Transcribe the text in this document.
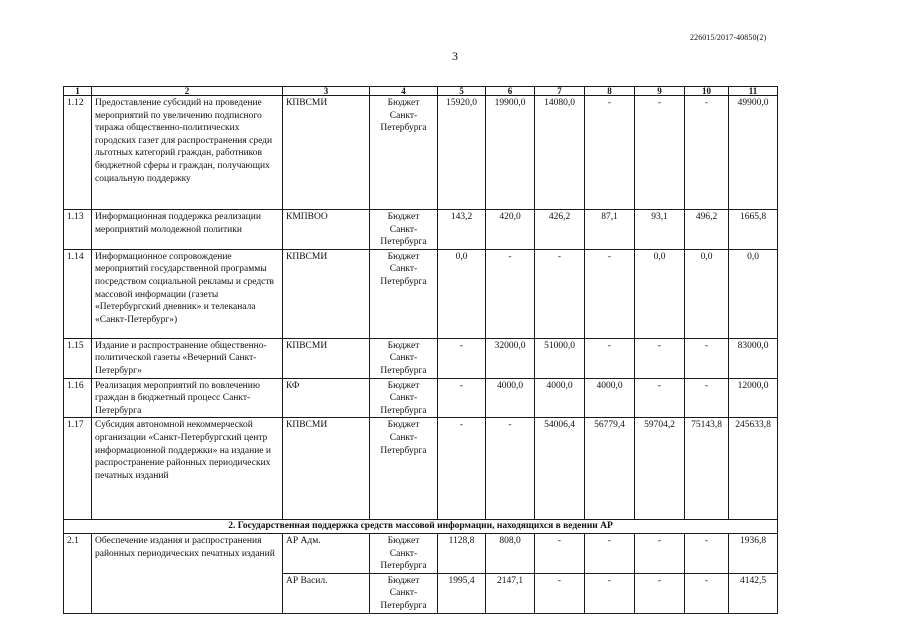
226015/2017-40850(2)
3
1	2	3	4	5	6	7	8	9	10	11
1.12	Предоставление субсидий на проведение мероприятий по увеличению подписного тиража общественно-политических городских газет для распространения среди льготных категорий граждан, работников бюджетной сферы и граждан, получающих социальную поддержку	КПВСМИ	Бюджет Санкт-Петербурга	15920,0	19900,0	14080,0	-	-	-	49900,0
1.13	Информационная поддержка реализации мероприятий молодежной политики	КМПВОО	Бюджет Санкт-Петербурга	143,2	420,0	426,2	87,1	93,1	496,2	1665,8
1.14	Информационное сопровождение мероприятий государственной программы посредством социальной рекламы и средств массовой информации (газеты «Петербургский дневник» и телеканала «Санкт-Петербург»)	КПВСМИ	Бюджет Санкт-Петербурга	0,0	-	-	-	0,0	0,0	0,0
1.15	Издание и распространение общественно-политической газеты «Вечерний Санкт-Петербург»	КПВСМИ	Бюджет Санкт-Петербурга	-	32000,0	51000,0	-	-	-	83000,0
1.16	Реализация мероприятий по вовлечению граждан в бюджетный процесс Санкт-Петербурга	КФ	Бюджет Санкт-Петербурга	-	4000,0	4000,0	4000,0	-	-	12000,0
1.17	Субсидия автономной некоммерческой организации «Санкт-Петербургский центр информационной поддержки» на издание и распространение районных периодических печатных изданий	КПВСМИ	Бюджет Санкт-Петербурга	-	-	54006,4	56779,4	59704,2	75143,8	245633,8
2. Государственная поддержка средств массовой информации, находящихся в ведении АР										
2.1	Обеспечение издания и распространения районных периодических печатных изданий	АР Адм.	Бюджет Санкт-Петербурга	1128,8	808,0	-	-	-	-	1936,8
		АР Васил.	Бюджет Санкт-Петербурга	1995,4	2147,1	-	-	-	-	4142,5
